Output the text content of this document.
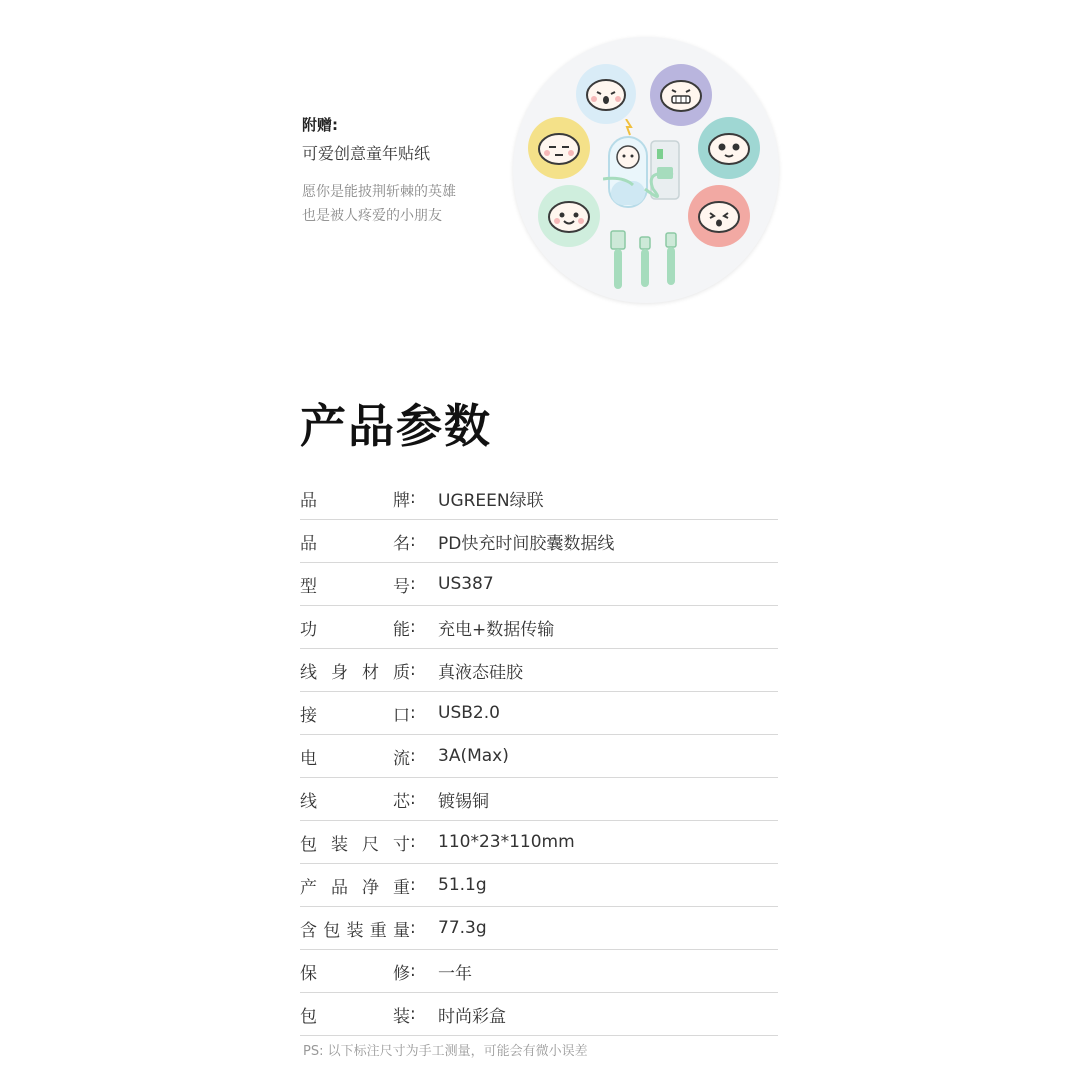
附赠:
可爱创意童年贴纸
愿你是能披荆斩棘的英雄
也是被人疼爱的小朋友
产品参数
品	牌 :	UGREEN绿联
品	名 :	PD快充时间胶囊数据线
型	号 :	US387
功	能 :	充电+数据传输
线 身 材 质 :	真液态硅胶
接	口 :	USB2.0
电	流 :	3A(Max)
线	芯 :	镀锡铜
包 装 尺 寸 :	110*23*110mm
产 品 净 重 :	51.1g
含 包 装 重 量 :	77.3g
保	修 :	一年
包	装 :	时尚彩盒
PS: 以下标注尺寸为手工测量，可能会有微小误差
